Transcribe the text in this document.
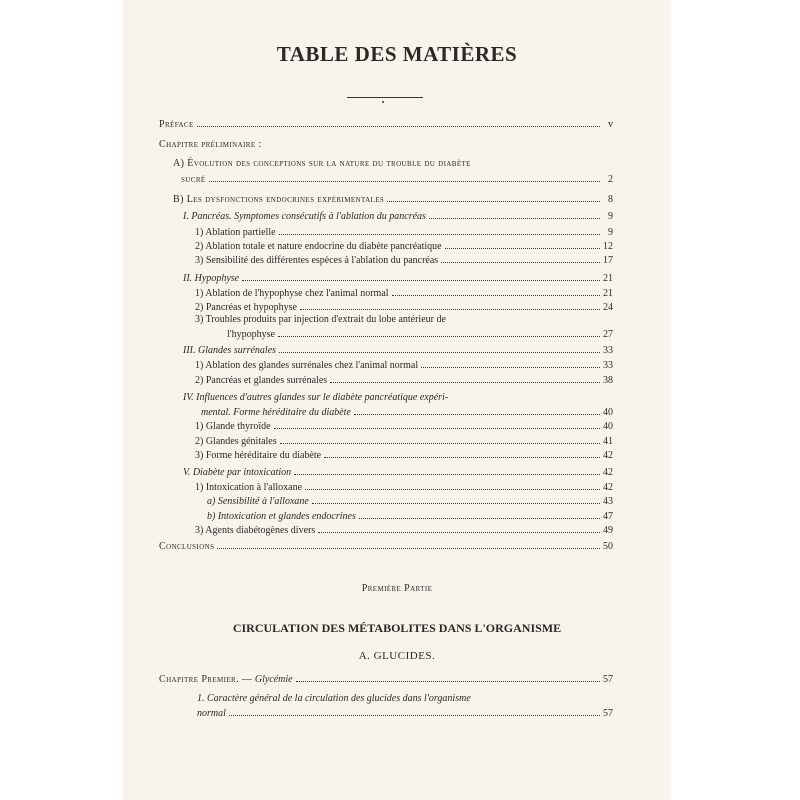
TABLE DES MATIÈRES
Préface	v
Chapitre préliminaire :
A) Évolution des conceptions sur la nature du trouble du diabète
sucré	2
B) Les dysfonctions endocrines expérimentales	8
I. Pancréas. Symptomes consécutifs à l'ablation du pancréas	9
1) Ablation partielle	9
2) Ablation totale et nature endocrine du diabète pancréatique	12
3) Sensibilité des différentes espèces à l'ablation du pancréas	17
II. Hypophyse	21
1) Ablation de l'hypophyse chez l'animal normal	21
2) Pancréas et hypophyse	24
3) Troubles produits par injection d'extrait du lobe antérieur de
l'hypophyse	27
III. Glandes surrénales	33
1) Ablation des glandes surrénales chez l'animal normal	33
2) Pancréas et glandes surrénales	38
IV. Influences d'autres glandes sur le diabète pancréatique expéri-
mental. Forme héréditaire du diabète	40
1) Glande thyroïde	40
2) Glandes génitales	41
3) Forme héréditaire du diabète	42
V. Diabète par intoxication	42
1) Intoxication à l'alloxane	42
a) Sensibilité à l'alloxane	43
b) Intoxication et glandes endocrines	47
3) Agents diabétogènes divers	49
Conclusions	50
Première Partie
CIRCULATION DES MÉTABOLITES DANS L'ORGANISME
A. GLUCIDES.
Chapitre Premier. — Glycémie	57
1. Caractère général de la circulation des glucides dans l'organisme
normal	57
